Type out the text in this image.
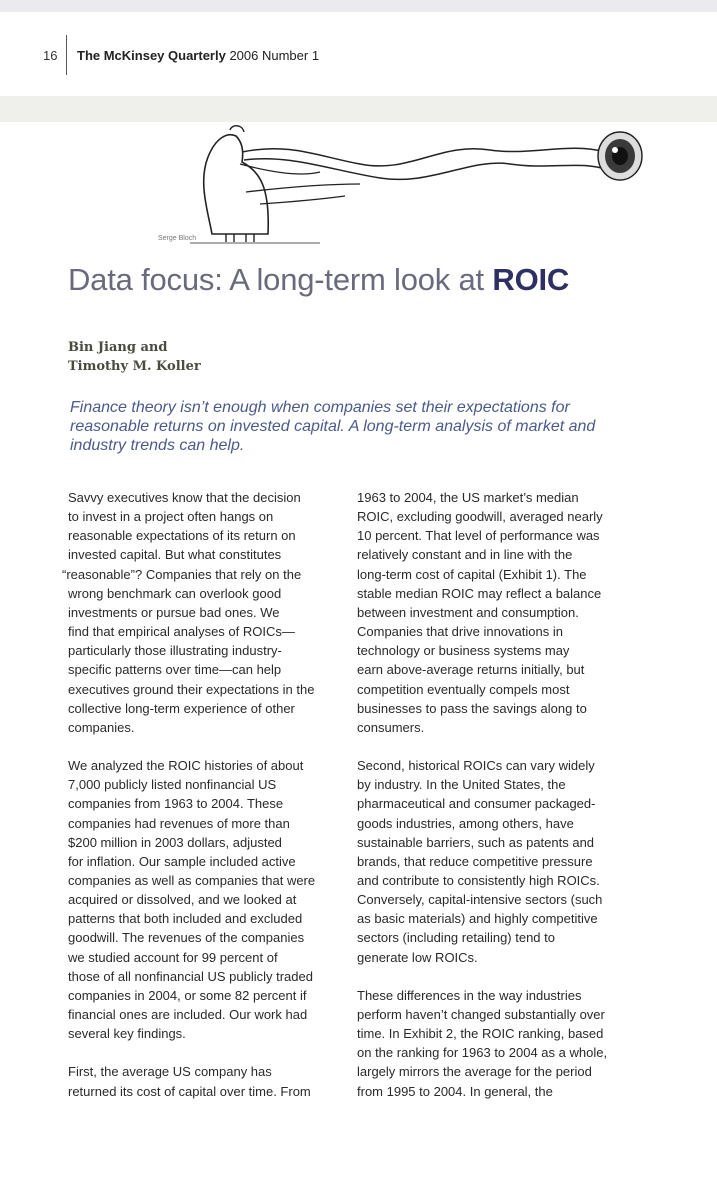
16 The McKinsey Quarterly 2006 Number 1
Serge Bloch
Data focus: A long-term look at ROIC
Bin Jiang and
Timothy M. Koller
Finance theory isn’t enough when companies set their expectations for
reasonable returns on invested capital. A long-term analysis of market and
industry trends can help.
Savvy executives know that the decision
to invest in a project often hangs on
reasonable expectations of its return on
invested capital. But what constitutes
“reasonable”? Companies that rely on the
wrong benchmark can overlook good
investments or pursue bad ones. We
find that empirical analyses of ROICs—
particularly those illustrating industry-
specific patterns over time—can help
executives ground their expectations in the
collective long-term experience of other
companies.
We analyzed the ROIC histories of about
7,000 publicly listed nonfinancial US
companies from 1963 to 2004. These
companies had revenues of more than
$200 million in 2003 dollars, adjusted
for inflation. Our sample included active
companies as well as companies that were
acquired or dissolved, and we looked at
patterns that both included and excluded
goodwill. The revenues of the companies
we studied account for 99 percent of
those of all nonfinancial US publicly traded
companies in 2004, or some 82 percent if
financial ones are included. Our work had
several key findings.
First, the average US company has
returned its cost of capital over time. From
1963 to 2004, the US market’s median
ROIC, excluding goodwill, averaged nearly
10 percent. That level of performance was
relatively constant and in line with the
long-term cost of capital (Exhibit 1). The
stable median ROIC may reflect a balance
between investment and consumption.
Companies that drive innovations in
technology or business systems may
earn above-average returns initially, but
competition eventually compels most
businesses to pass the savings along to
consumers.
Second, historical ROICs can vary widely
by industry. In the United States, the
pharmaceutical and consumer packaged-
goods industries, among others, have
sustainable barriers, such as patents and
brands, that reduce competitive pressure
and contribute to consistently high ROICs.
Conversely, capital-intensive sectors (such
as basic materials) and highly competitive
sectors (including retailing) tend to
generate low ROICs.
These differences in the way industries
perform haven’t changed substantially over
time. In Exhibit 2, the ROIC ranking, based
on the ranking for 1963 to 2004 as a whole,
largely mirrors the average for the period
from 1995 to 2004. In general, the
